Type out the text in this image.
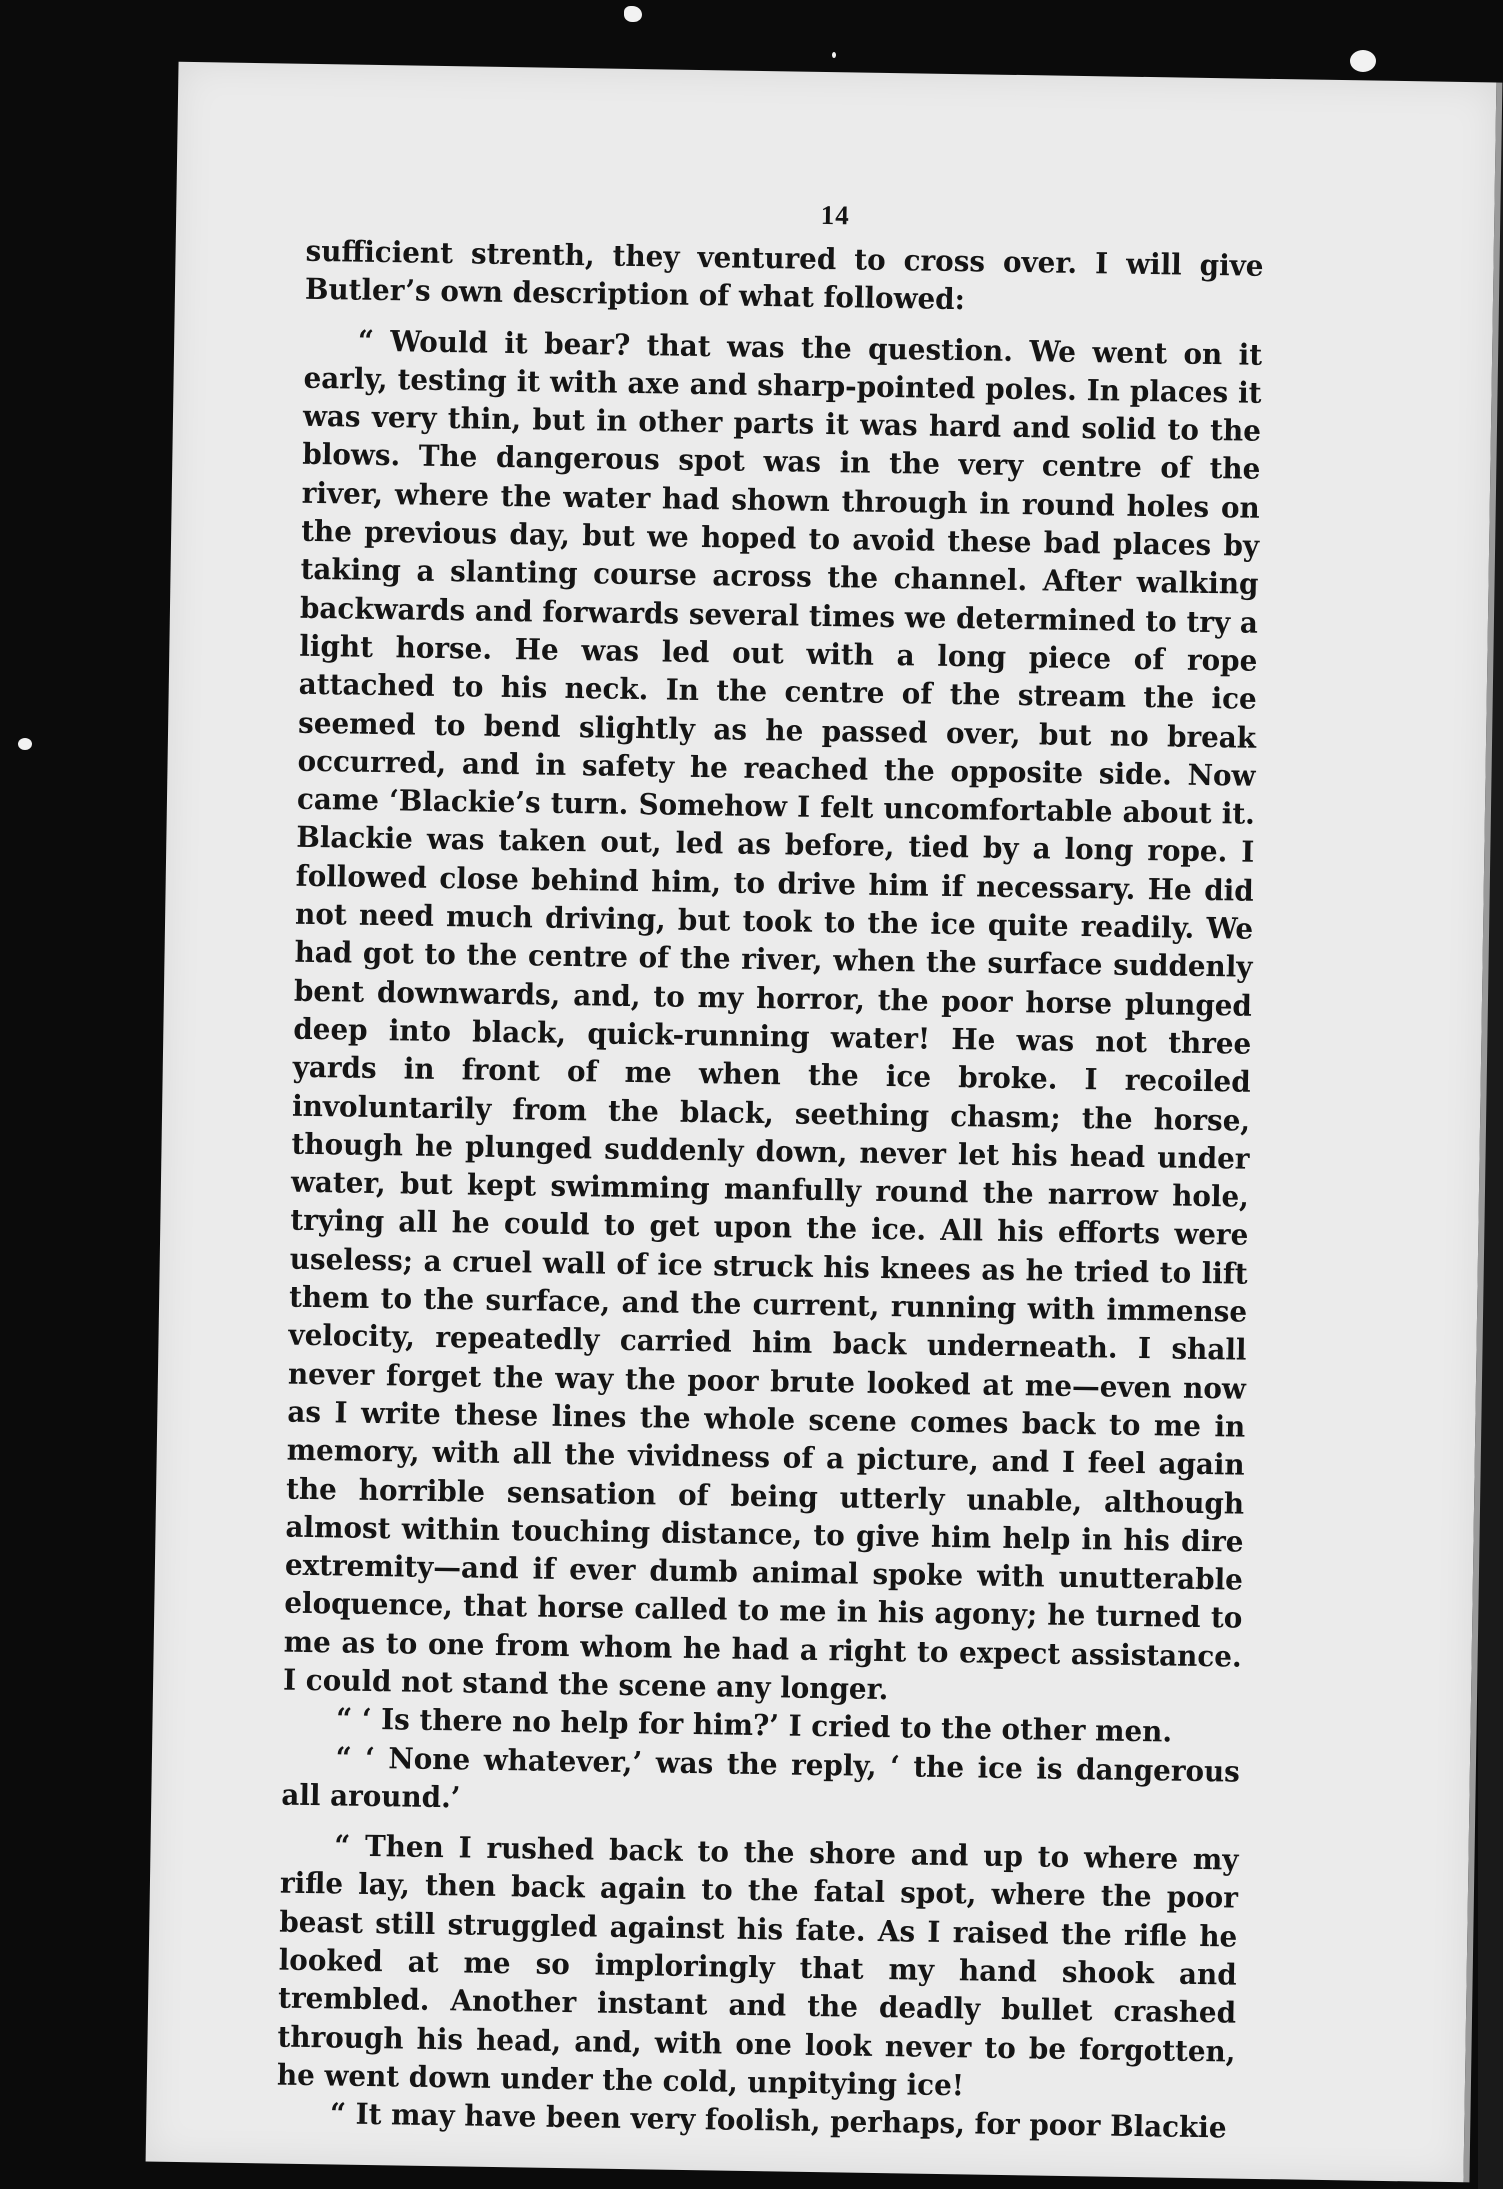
14

sufficient strenth, they ventured to cross over. I will give Butler’s own description of what followed:

“ Would it bear? that was the question. We went on it early, testing it with axe and sharp-pointed poles. In places it was very thin, but in other parts it was hard and solid to the blows. The dangerous spot was in the very centre of the river, where the water had shown through in round holes on the previous day, but we hoped to avoid these bad places by taking a slanting course across the channel. After walking backwards and forwards several times we determined to try a light horse. He was led out with a long piece of rope attached to his neck. In the centre of the stream the ice seemed to bend slightly as he passed over, but no break occurred, and in safety he reached the opposite side. Now came ‘Blackie’s turn. Somehow I felt uncomfortable about it. Blackie was taken out, led as before, tied by a long rope. I followed close behind him, to drive him if necessary. He did not need much driving, but took to the ice quite readily. We had got to the centre of the river, when the surface suddenly bent downwards, and, to my horror, the poor horse plunged deep into black, quick-running water! He was not three yards in front of me when the ice broke. I recoiled involuntarily from the black, seething chasm; the horse, though he plunged suddenly down, never let his head under water, but kept swimming manfully round the narrow hole, trying all he could to get upon the ice. All his efforts were useless; a cruel wall of ice struck his knees as he tried to lift them to the surface, and the current, running with immense velocity, repeatedly carried him back underneath. I shall never forget the way the poor brute looked at me—even now as I write these lines the whole scene comes back to me in memory, with all the vividness of a picture, and I feel again the horrible sensation of being utterly unable, although almost within touching distance, to give him help in his dire extremity—and if ever dumb animal spoke with unutterable eloquence, that horse called to me in his agony; he turned to me as to one from whom he had a right to expect assistance. I could not stand the scene any longer.

“ ‘ Is there no help for him?’ I cried to the other men.

“ ‘ None whatever,’ was the reply, ‘ the ice is dangerous all around.’

“ Then I rushed back to the shore and up to where my rifle lay, then back again to the fatal spot, where the poor beast still struggled against his fate. As I raised the rifle he looked at me so imploringly that my hand shook and trembled. Another instant and the deadly bullet crashed through his head, and, with one look never to be forgotten, he went down under the cold, unpitying ice!

“ It may have been very foolish, perhaps, for poor Blackie
